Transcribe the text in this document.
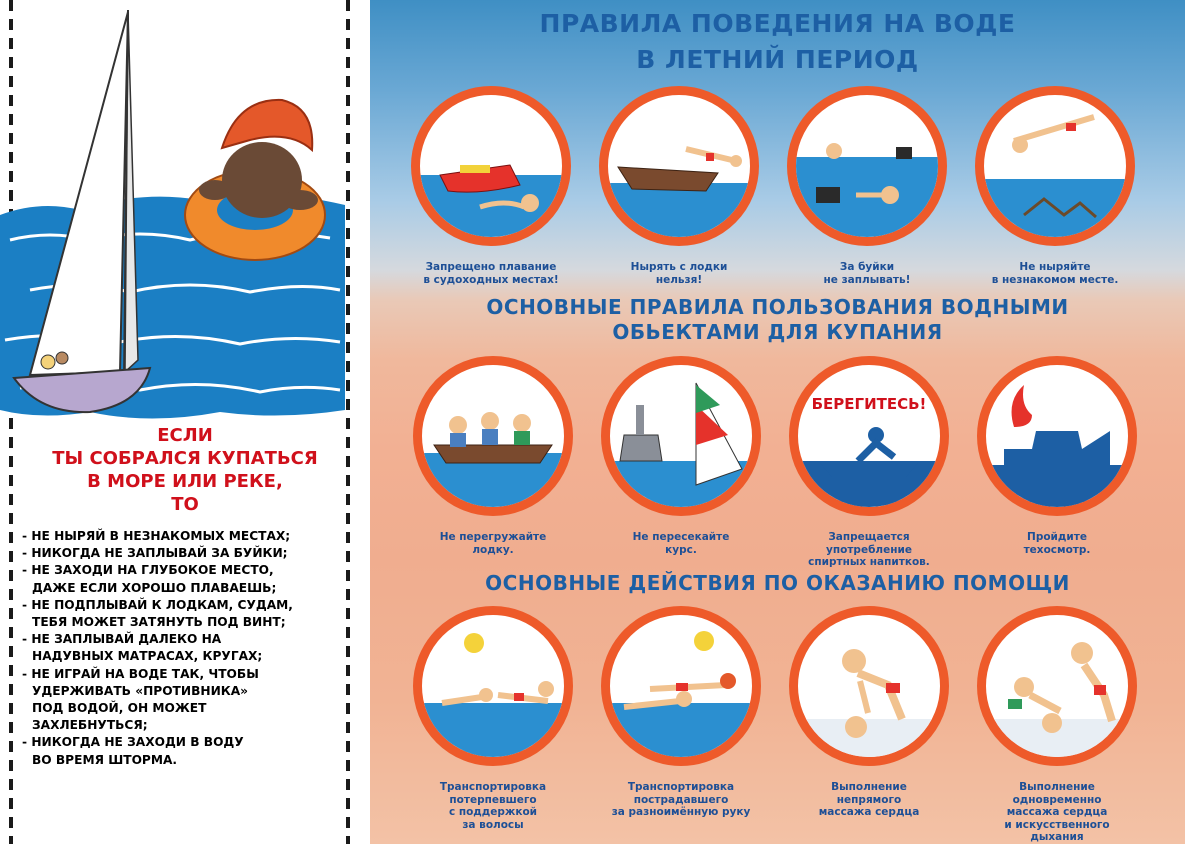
ЕСЛИ
ТЫ СОБРАЛСЯ КУПАТЬСЯ
В МОРЕ ИЛИ РЕКЕ,
ТО
- НЕ НЫРЯЙ В НЕЗНАКОМЫХ МЕСТАХ;
- НИКОГДА НЕ ЗАПЛЫВАЙ ЗА БУЙКИ;
- НЕ ЗАХОДИ НА ГЛУБОКОЕ МЕСТО,
ДАЖЕ ЕСЛИ ХОРОШО ПЛАВАЕШЬ;
- НЕ ПОДПЛЫВАЙ К ЛОДКАМ, СУДАМ,
ТЕБЯ МОЖЕТ ЗАТЯНУТЬ ПОД ВИНТ;
- НЕ ЗАПЛЫВАЙ ДАЛЕКО НА
НАДУВНЫХ МАТРАСАХ, КРУГАХ;
- НЕ ИГРАЙ НА ВОДЕ ТАК, ЧТОБЫ
УДЕРЖИВАТЬ «ПРОТИВНИКА»
ПОД ВОДОЙ, ОН МОЖЕТ
ЗАХЛЕБНУТЬСЯ;
- НИКОГДА НЕ ЗАХОДИ В ВОДУ
ВО ВРЕМЯ ШТОРМА.
ПРАВИЛА ПОВЕДЕНИЯ НА ВОДЕ
В ЛЕТНИЙ ПЕРИОД
ОСНОВНЫЕ ПРАВИЛА ПОЛЬЗОВАНИЯ ВОДНЫМИ
ОБЬЕКТАМИ ДЛЯ КУПАНИЯ
ОСНОВНЫЕ ДЕЙСТВИЯ ПО ОКАЗАНИЮ ПОМОЩИ
Запрещено плавание
в судоходных местах!
Нырять с лодки
нельзя!
За буйки
не заплывать!
Не ныряйте
в незнакомом месте.
Не перегружайте
лодку.
Не пересекайте
курс.
БЕРЕГИТЕСЬ!
Запрещается
употребление
спиртных напитков.
Пройдите
техосмотр.
Транспортировка
потерпевшего
с поддержкой
за волосы
Транспортировка
пострадавшего
за разноимённую руку
Выполнение
непрямого
массажа сердца
Выполнение
одновременно
массажа сердца
и искусственного
дыхания
